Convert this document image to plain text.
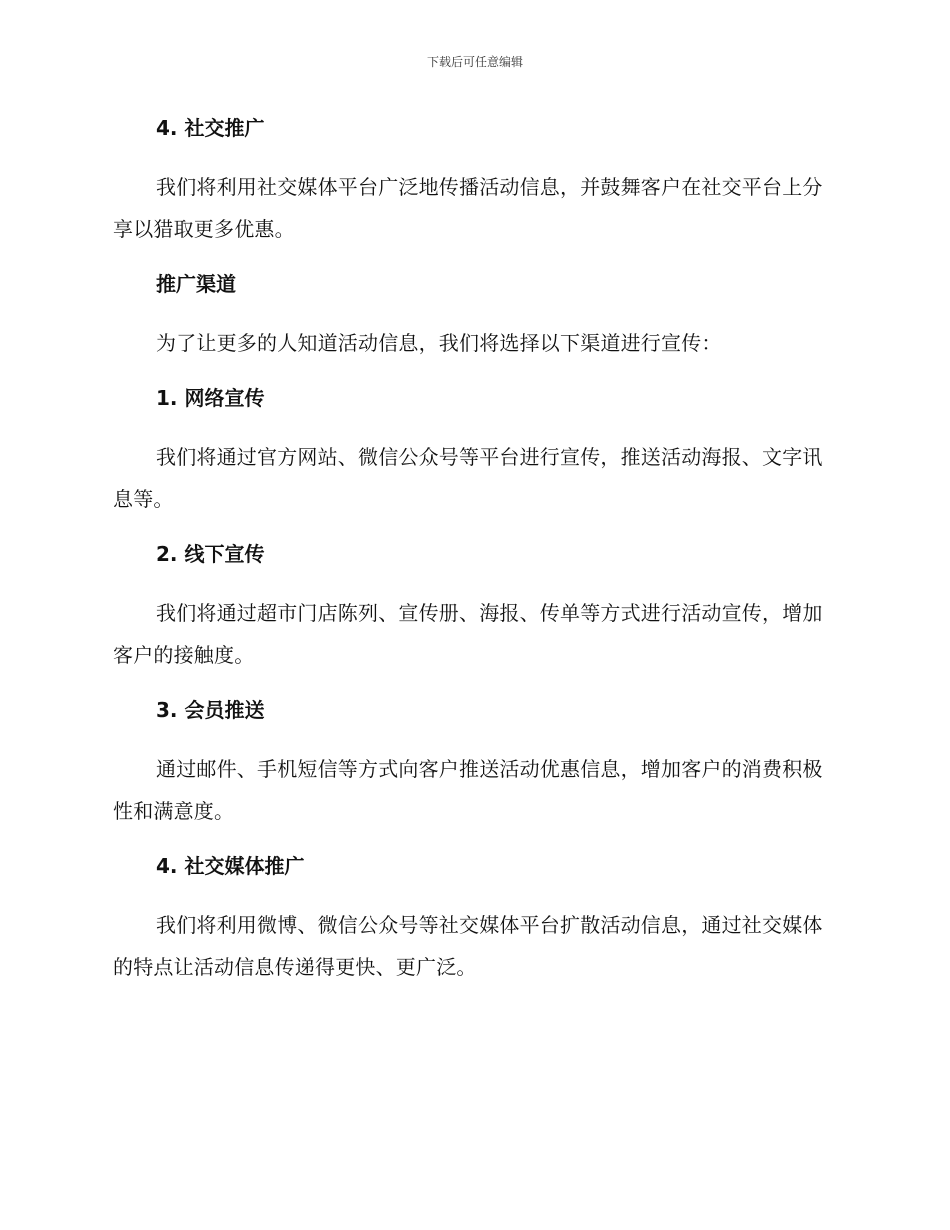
下载后可任意编辑
4. 社交推广

我们将利用社交媒体平台广泛地传播活动信息，并鼓舞客户在社交平台上分享以猎取更多优惠。

推广渠道

为了让更多的人知道活动信息，我们将选择以下渠道进行宣传：

1. 网络宣传

我们将通过官方网站、微信公众号等平台进行宣传，推送活动海报、文字讯息等。

2. 线下宣传

我们将通过超市门店陈列、宣传册、海报、传单等方式进行活动宣传，增加客户的接触度。

3. 会员推送

通过邮件、手机短信等方式向客户推送活动优惠信息，增加客户的消费积极性和满意度。

4. 社交媒体推广

我们将利用微博、微信公众号等社交媒体平台扩散活动信息，通过社交媒体的特点让活动信息传递得更快、更广泛。
